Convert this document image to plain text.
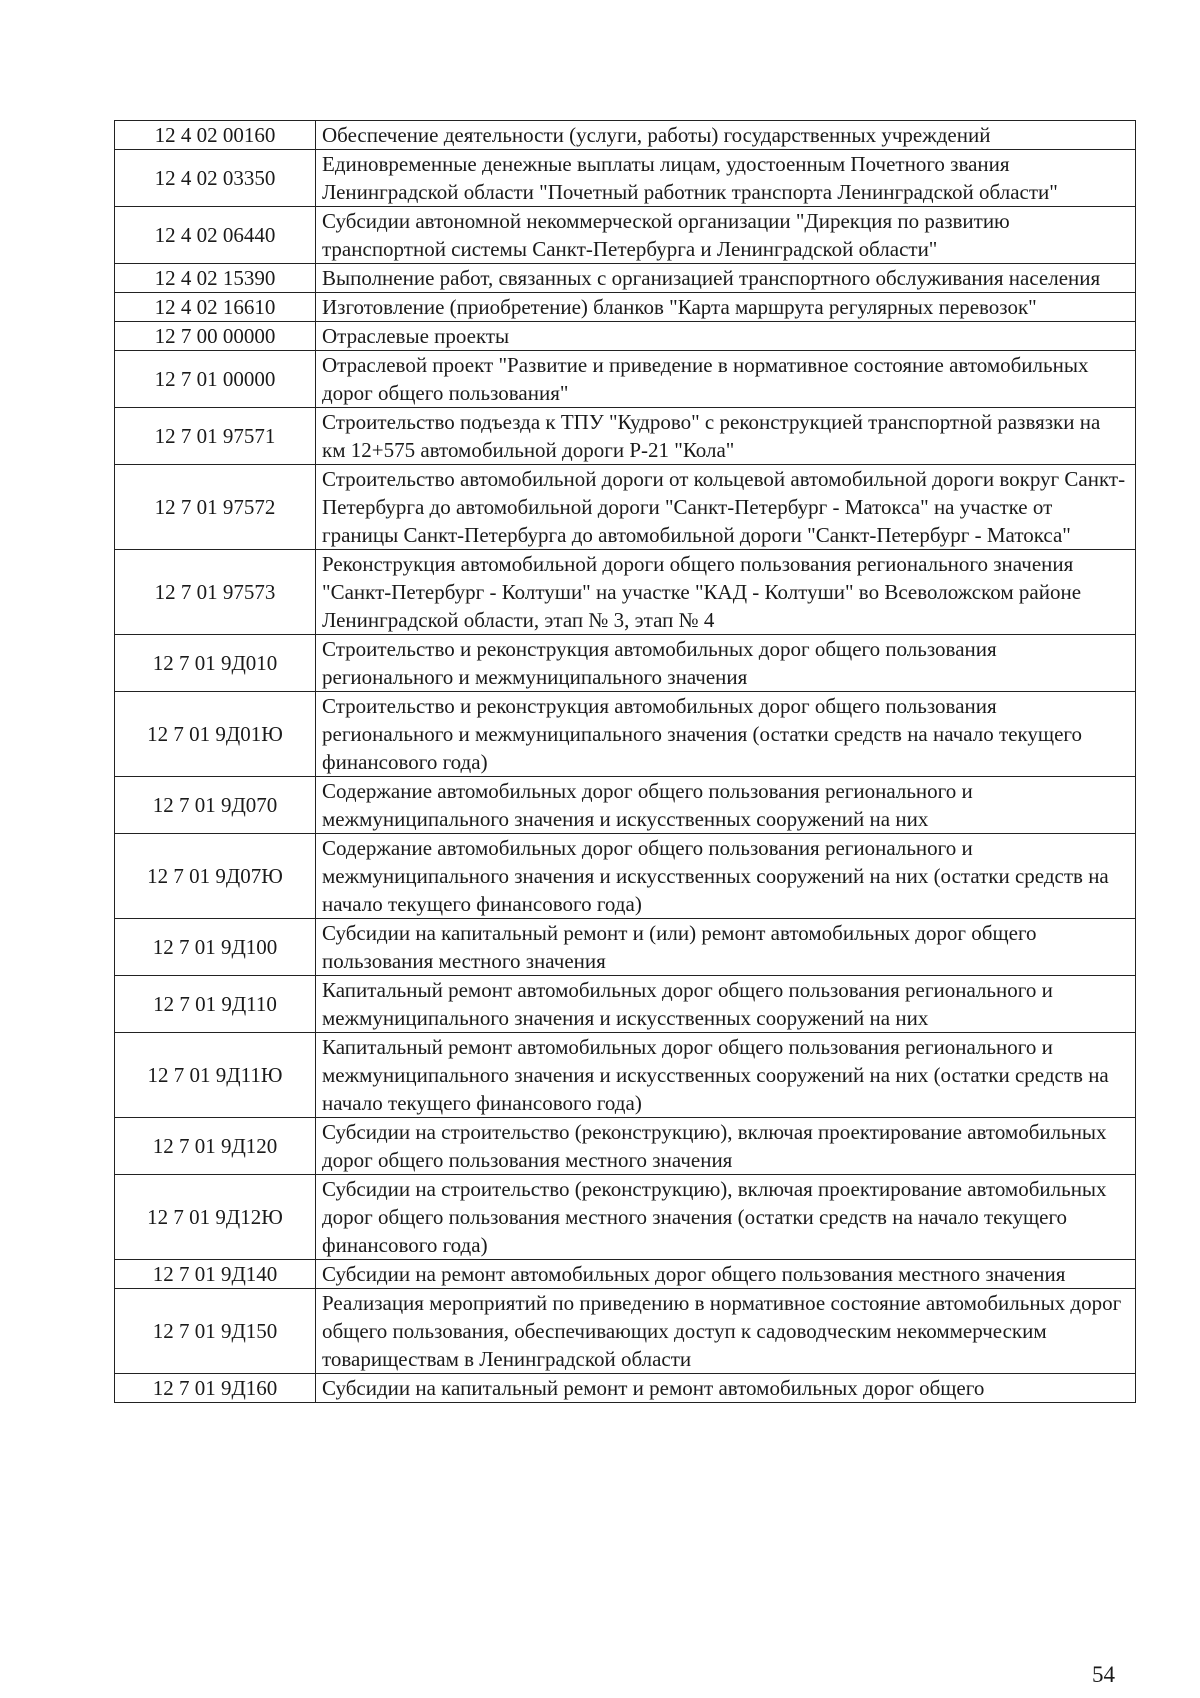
12 4 02 00160	Обеспечение деятельности (услуги, работы) государственных учреждений
12 4 02 03350	Единовременные денежные выплаты лицам, удостоенным Почетного звания Ленинградской области "Почетный работник транспорта Ленинградской области"
12 4 02 06440	Субсидии автономной некоммерческой организации "Дирекция по развитию транспортной системы Санкт-Петербурга и Ленинградской области"
12 4 02 15390	Выполнение работ, связанных с организацией транспортного обслуживания населения
12 4 02 16610	Изготовление (приобретение) бланков "Карта маршрута регулярных перевозок"
12 7 00 00000	Отраслевые проекты
12 7 01 00000	Отраслевой проект "Развитие и приведение в нормативное состояние автомобильных дорог общего пользования"
12 7 01 97571	Строительство подъезда к ТПУ "Кудрово" с реконструкцией транспортной развязки на км 12+575 автомобильной дороги Р-21 "Кола"
12 7 01 97572	Строительство автомобильной дороги от кольцевой автомобильной дороги вокруг Санкт-Петербурга до автомобильной дороги "Санкт-Петербург - Матокса" на участке от границы Санкт-Петербурга до автомобильной дороги "Санкт-Петербург - Матокса"
12 7 01 97573	Реконструкция автомобильной дороги общего пользования регионального значения "Санкт-Петербург - Колтуши" на участке "КАД - Колтуши" во Всеволожском районе Ленинградской области, этап № 3, этап № 4
12 7 01 9Д010	Строительство и реконструкция автомобильных дорог общего пользования регионального и межмуниципального значения
12 7 01 9Д01Ю	Строительство и реконструкция автомобильных дорог общего пользования регионального и межмуниципального значения (остатки средств на начало текущего финансового года)
12 7 01 9Д070	Содержание автомобильных дорог общего пользования регионального и межмуниципального значения и искусственных сооружений на них
12 7 01 9Д07Ю	Содержание автомобильных дорог общего пользования регионального и межмуниципального значения и искусственных сооружений на них (остатки средств на начало текущего финансового года)
12 7 01 9Д100	Субсидии на капитальный ремонт и (или) ремонт автомобильных дорог общего пользования местного значения
12 7 01 9Д110	Капитальный ремонт автомобильных дорог общего пользования регионального и межмуниципального значения и искусственных сооружений на них
12 7 01 9Д11Ю	Капитальный ремонт автомобильных дорог общего пользования регионального и межмуниципального значения и искусственных сооружений на них (остатки средств на начало текущего финансового года)
12 7 01 9Д120	Субсидии на строительство (реконструкцию), включая проектирование автомобильных дорог общего пользования местного значения
12 7 01 9Д12Ю	Субсидии на строительство (реконструкцию), включая проектирование автомобильных дорог общего пользования местного значения (остатки средств на начало текущего финансового года)
12 7 01 9Д140	Субсидии на ремонт автомобильных дорог общего пользования местного значения
12 7 01 9Д150	Реализация мероприятий по приведению в нормативное состояние автомобильных дорог общего пользования, обеспечивающих доступ к садоводческим некоммерческим товариществам в Ленинградской области
12 7 01 9Д160	Субсидии на капитальный ремонт и ремонт автомобильных дорог общего
54
